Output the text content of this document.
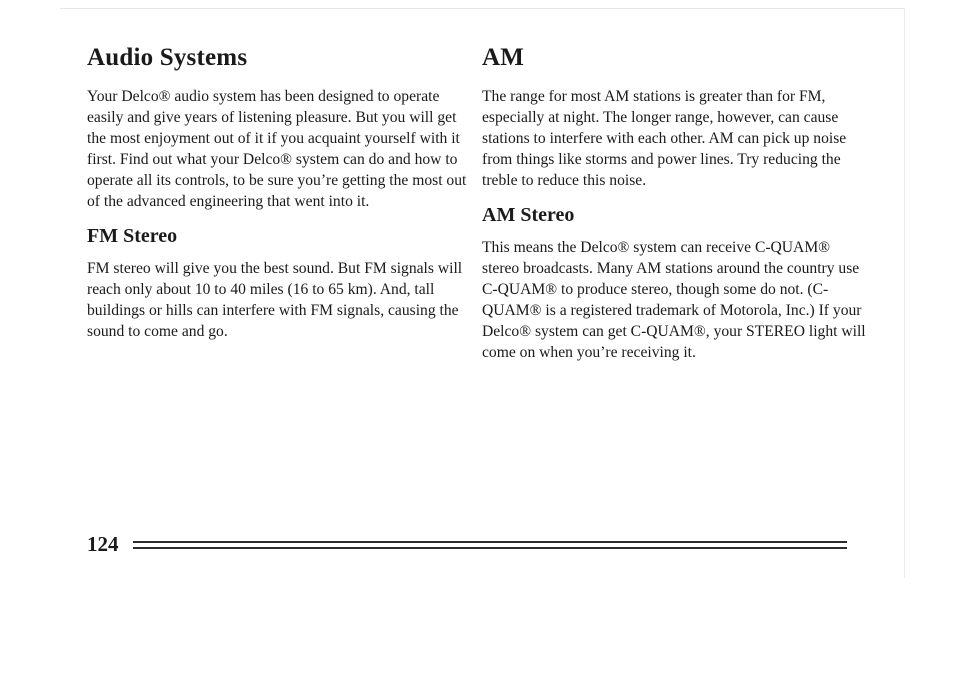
Audio Systems

Your Delco® audio system has been designed to operate easily and give years of listening pleasure. But you will get the most enjoyment out of it if you acquaint yourself with it first. Find out what your Delco® system can do and how to operate all its controls, to be sure you’re getting the most out of the advanced engineering that went into it.

FM Stereo

FM stereo will give you the best sound. But FM signals will reach only about 10 to 40 miles (16 to 65 km). And, tall buildings or hills can interfere with FM signals, causing the sound to come and go.

AM

The range for most AM stations is greater than for FM, especially at night. The longer range, however, can cause stations to interfere with each other. AM can pick up noise from things like storms and power lines. Try reducing the treble to reduce this noise.

AM Stereo

This means the Delco® system can receive C-QUAM® stereo broadcasts. Many AM stations around the country use C-QUAM® to produce stereo, though some do not. (C-QUAM® is a registered trademark of Motorola, Inc.) If your Delco® system can get C-QUAM®, your STEREO light will come on when you’re receiving it.

124
